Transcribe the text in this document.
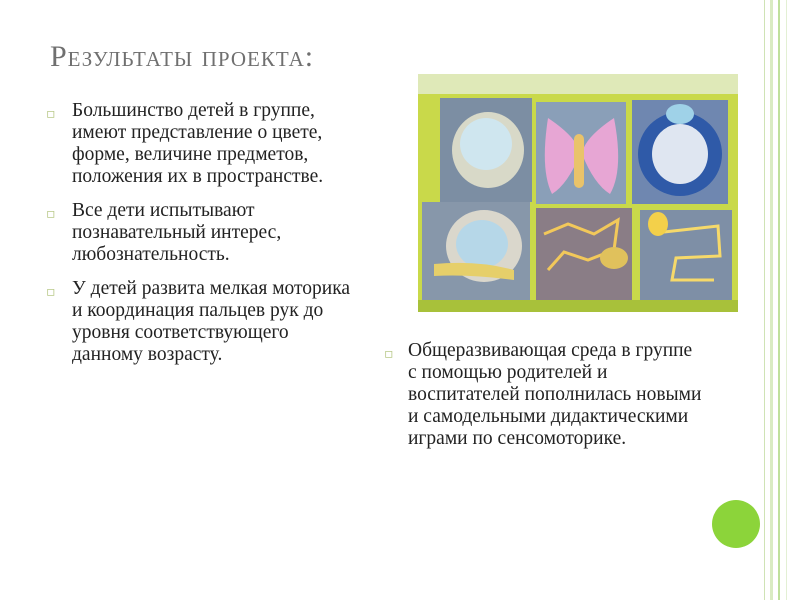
Результаты проекта:
▫ Большинство детей в группе, имеют представление о цвете, форме, величине предметов, положения их в пространстве.
▫ Все дети испытывают познавательный интерес, любознательность.
▫ У детей развита мелкая моторика и координация пальцев рук до уровня соответствующего данному возрасту.	▫ Общеразвивающая среда в группе с помощью родителей и воспитателей пополнилась новыми и самодельными дидактическими играми по сенсомоторике.
